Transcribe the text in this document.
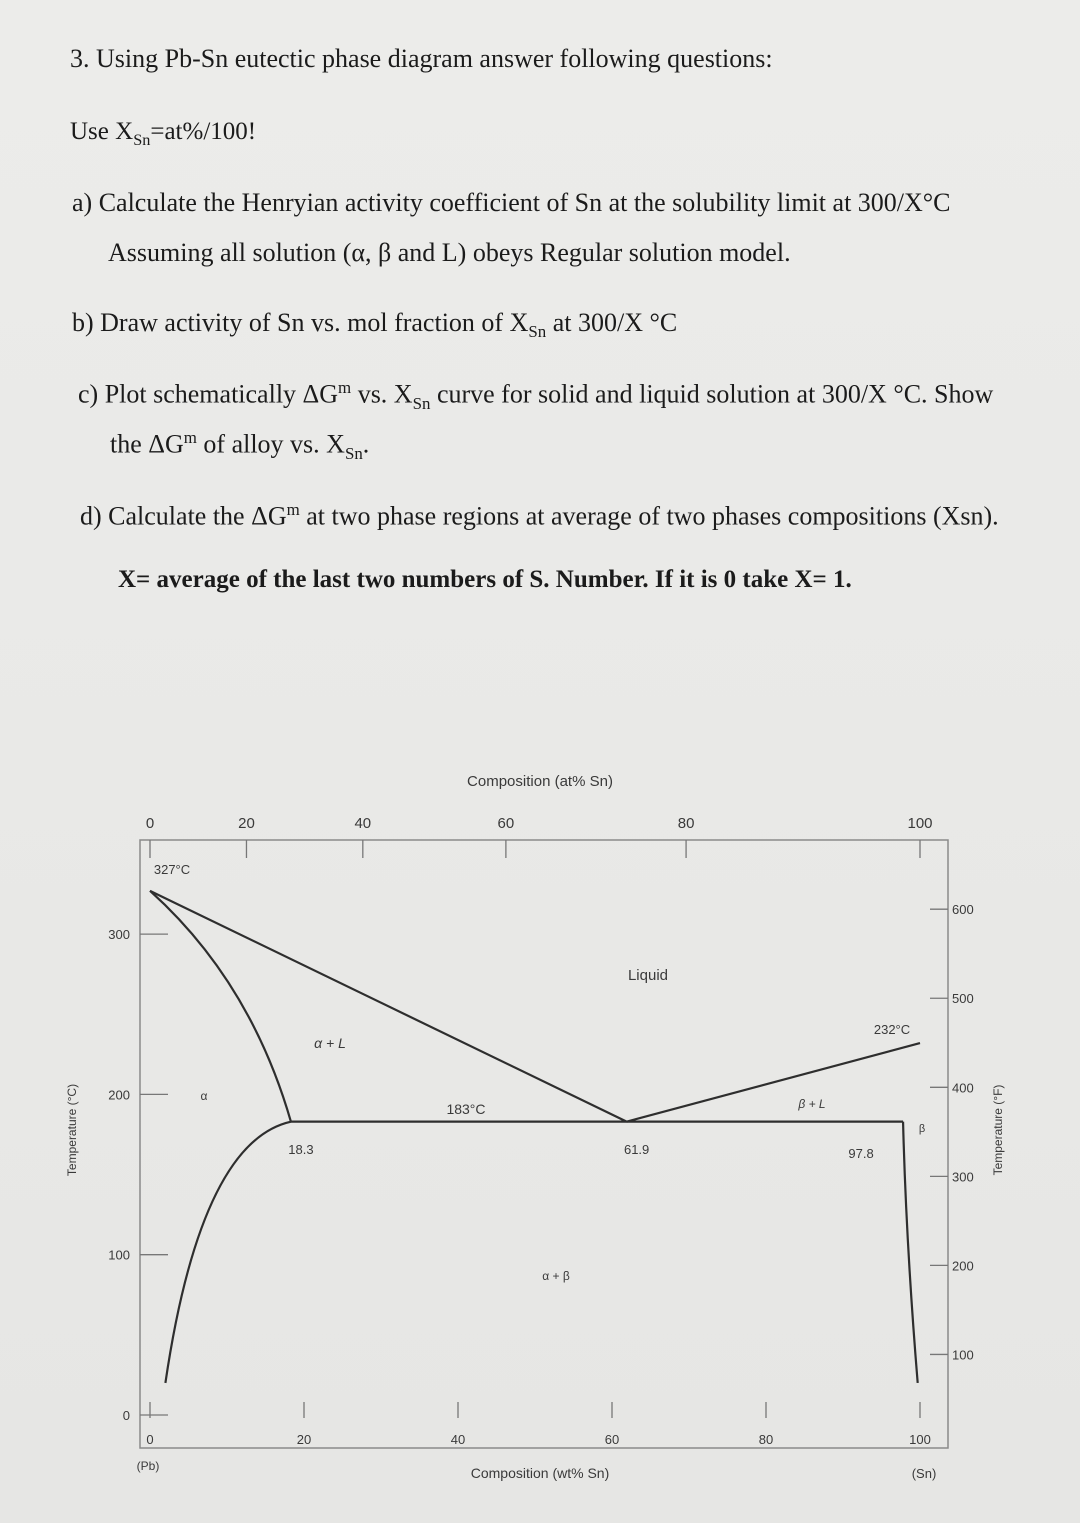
3. Using Pb-Sn eutectic phase diagram answer following questions:
Use $X_{Sn}=at\%/100$!
a) Calculate the Henryian activity coefficient of Sn at the solubility limit at 300/X°C
Assuming all solution (α, β and L) obeys Regular solution model.
b) Draw activity of Sn vs. mol fraction of $X_{Sn}$ at 300/X °C
c) Plot schematically $\Delta G^m$ vs. $X_{Sn}$ curve for solid and liquid solution at 300/X °C. Show
the $\Delta G^m$ of alloy vs. $X_{Sn}$.
d) Calculate the $\Delta G^m$ at two phase regions at average of two phases compositions (Xsn).
X= average of the last two numbers of S. Number. If it is 0 take X= 1.
0	20	40	60	80	100
Composition (at% Sn)
0	20	40	60	80	100
Composition (wt% Sn)
(Pb)	(Sn)
300
200
100
0
Temperature (°C)
600
500
400
300
200
100
Temperature (°F)
327°C
232°C
183°C
18.3	61.9	97.8
Liquid
α + L
β + L
α
β
α + β
